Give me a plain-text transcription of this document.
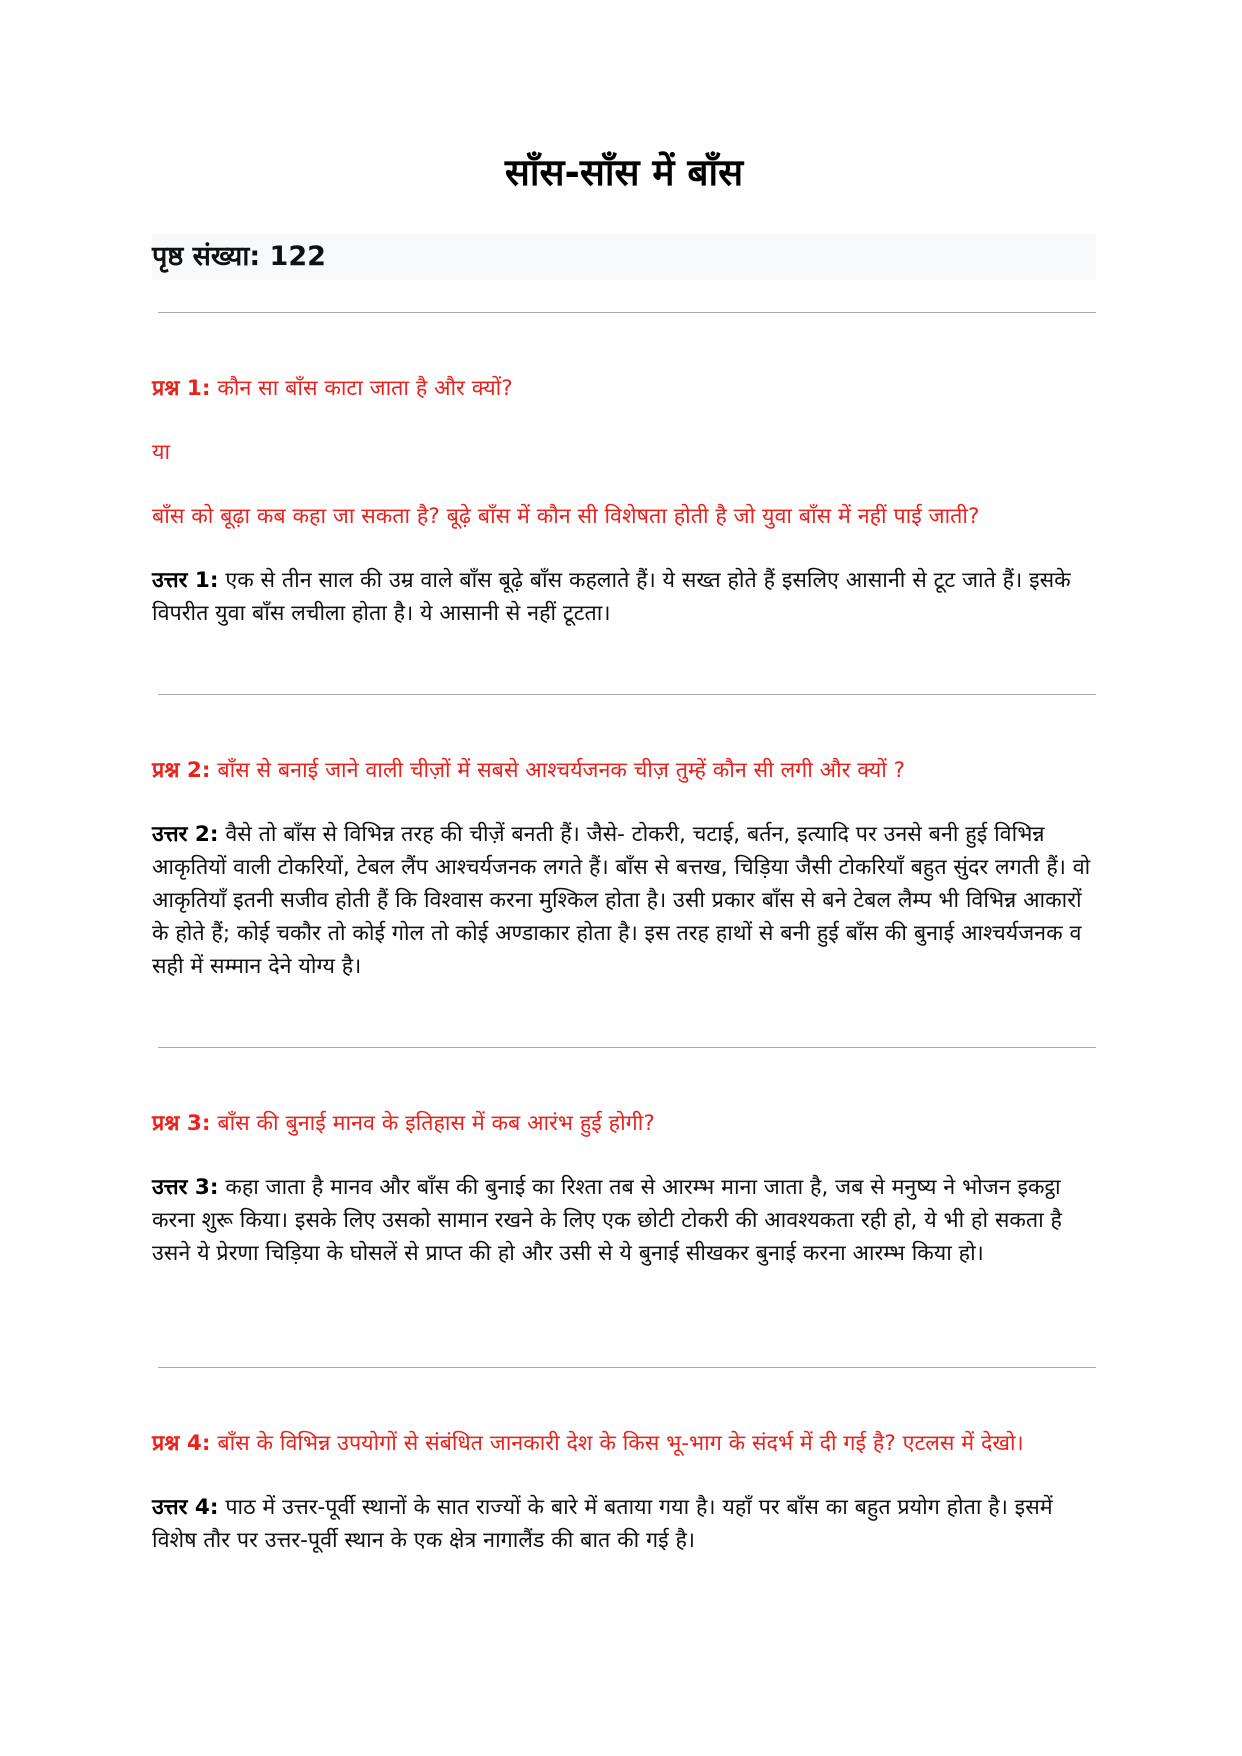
साँस-साँस में बाँस
पृष्ठ संख्या: 122

प्रश्न 1: कौन सा बाँस काटा जाता है और क्यों?

या

बाँस को बूढ़ा कब कहा जा सकता है? बूढ़े बाँस में कौन सी विशेषता होती है जो युवा बाँस में नहीं पाई जाती?

उत्तर 1: एक से तीन साल की उम्र वाले बाँस बूढ़े बाँस कहलाते हैं। ये सख्त होते हैं इसलिए आसानी से टूट जाते हैं। इसके विपरीत युवा बाँस लचीला होता है। ये आसानी से नहीं टूटता।

प्रश्न 2: बाँस से बनाई जाने वाली चीज़ों में सबसे आश्चर्यजनक चीज़ तुम्हें कौन सी लगी और क्यों ?

उत्तर 2: वैसे तो बाँस से विभिन्न तरह की चीज़ें बनती हैं। जैसे- टोकरी, चटाई, बर्तन, इत्यादि पर उनसे बनी हुई विभिन्न आकृतियों वाली टोकरियों, टेबल लैंप आश्चर्यजनक लगते हैं। बाँस से बत्तख, चिड़िया जैसी टोकरियाँ बहुत सुंदर लगती हैं। वो आकृतियाँ इतनी सजीव होती हैं कि विश्वास करना मुश्किल होता है। उसी प्रकार बाँस से बने टेबल लैम्प भी विभिन्न आकारों के होते हैं; कोई चकौर तो कोई गोल तो कोई अण्डाकार होता है। इस तरह हाथों से बनी हुई बाँस की बुनाई आश्चर्यजनक व सही में सम्मान देने योग्य है।

प्रश्न 3: बाँस की बुनाई मानव के इतिहास में कब आरंभ हुई होगी?

उत्तर 3: कहा जाता है मानव और बाँस की बुनाई का रिश्ता तब से आरम्भ माना जाता है, जब से मनुष्य ने भोजन इकट्ठा करना शुरू किया। इसके लिए उसको सामान रखने के लिए एक छोटी टोकरी की आवश्यकता रही हो, ये भी हो सकता है उसने ये प्रेरणा चिड़िया के घोसलें से प्राप्त की हो और उसी से ये बुनाई सीखकर बुनाई करना आरम्भ किया हो।

प्रश्न 4: बाँस के विभिन्न उपयोगों से संबंधित जानकारी देश के किस भू-भाग के संदर्भ में दी गई है? एटलस में देखो।

उत्तर 4: पाठ में उत्तर-पूर्वी स्थानों के सात राज्यों के बारे में बताया गया है। यहाँ पर बाँस का बहुत प्रयोग होता है। इसमें विशेष तौर पर उत्तर-पूर्वी स्थान के एक क्षेत्र नागालैंड की बात की गई है।
